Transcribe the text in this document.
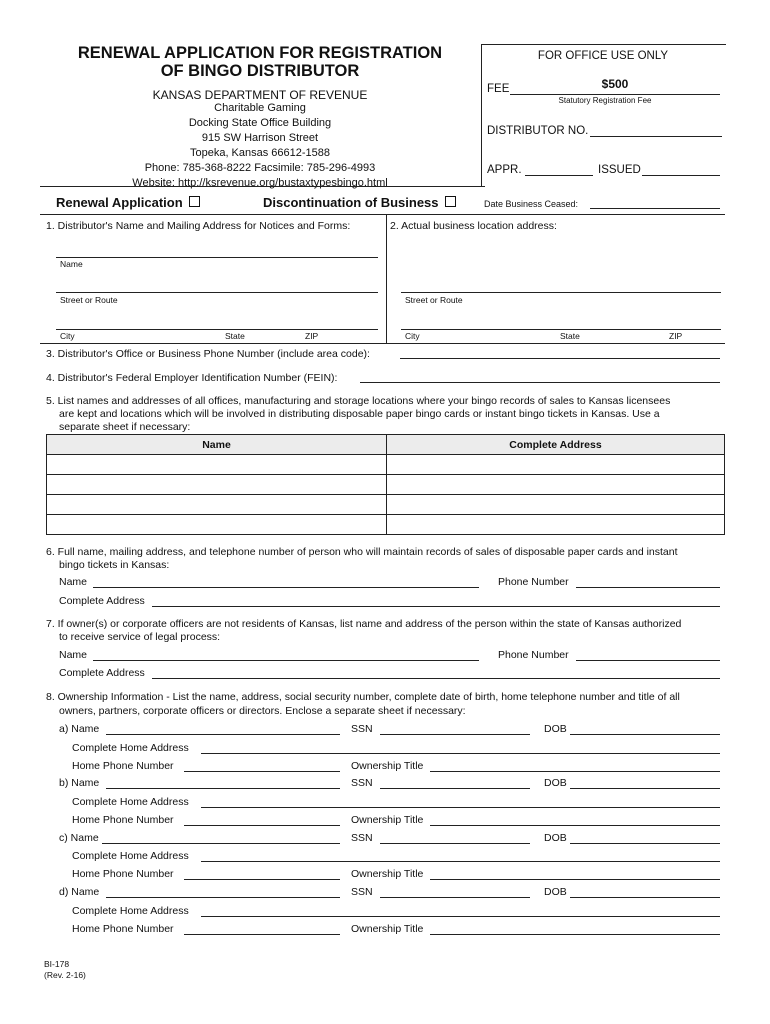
RENEWAL APPLICATION FOR REGISTRATION
OF BINGO DISTRIBUTOR
KANSAS DEPARTMENT OF REVENUE
Charitable Gaming
Docking State Office Building
915 SW Harrison Street
Topeka, Kansas 66612-1588
Phone: 785-368-8222 Facsimile: 785-296-4993
Website: http://ksrevenue.org/bustaxtypesbingo.html
FOR OFFICE USE ONLY
FEE	$500
Statutory Registration Fee
DISTRIBUTOR NO.
APPR.	ISSUED
Renewal Application	Discontinuation of Business	Date Business Ceased:
1. Distributor's Name and Mailing Address for Notices and Forms:	2. Actual business location address:
Name
Street or Route
City	State	ZIP
Street or Route
City	State	ZIP
3. Distributor's Office or Business Phone Number (include area code):
4. Distributor's Federal Employer Identification Number (FEIN):
5. List names and addresses of all offices, manufacturing and storage locations where your bingo records of sales to Kansas licensees
are kept and locations which will be involved in distributing disposable paper bingo cards or instant bingo tickets in Kansas. Use a
separate sheet if necessary:
Name	Complete Address

6. Full name, mailing address, and telephone number of person who will maintain records of sales of disposable paper cards and instant
bingo tickets in Kansas:
Name	Phone Number
Complete Address
7. If owner(s) or corporate officers are not residents of Kansas, list name and address of the person within the state of Kansas authorized
to receive service of legal process:
Name	Phone Number
Complete Address
8. Ownership Information - List the name, address, social security number, complete date of birth, home telephone number and title of all
owners, partners, corporate officers or directors. Enclose a separate sheet if necessary:
a) Name	SSN	DOB
Complete Home Address
Home Phone Number	Ownership Title
b) Name	SSN	DOB
Complete Home Address
Home Phone Number	Ownership Title
c) Name	SSN	DOB
Complete Home Address
Home Phone Number	Ownership Title
d) Name	SSN	DOB
Complete Home Address
Home Phone Number	Ownership Title
BI-178
(Rev. 2-16)
